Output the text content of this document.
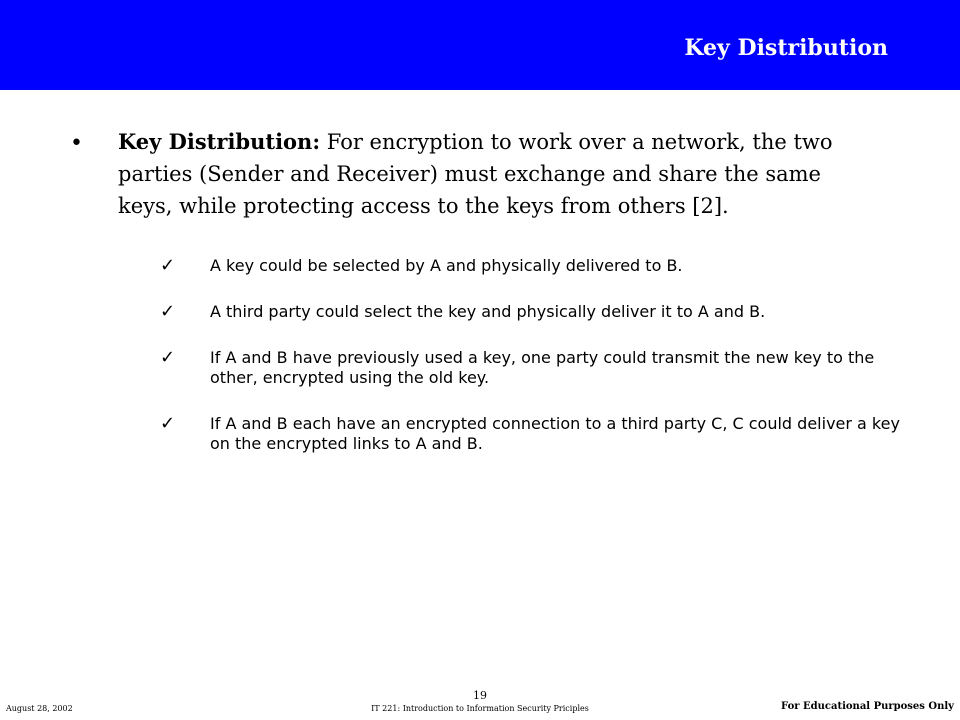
Key Distribution
• Key Distribution: For encryption to work over a network, the two parties (Sender and Receiver) must exchange and share the same keys, while protecting access to the keys from others [2].
✓ A key could be selected by A and physically delivered to B.
✓ A third party could select the key and physically deliver it to A and B.
✓ If A and B have previously used a key, one party could transmit the new key to the other, encrypted using the old key.
✓ If A and B each have an encrypted connection to a third party C, C could deliver a key on the encrypted links to A and B.
19
August 28, 2002	IT 221: Introduction to Information Security Priciples	For Educational Purposes Only
